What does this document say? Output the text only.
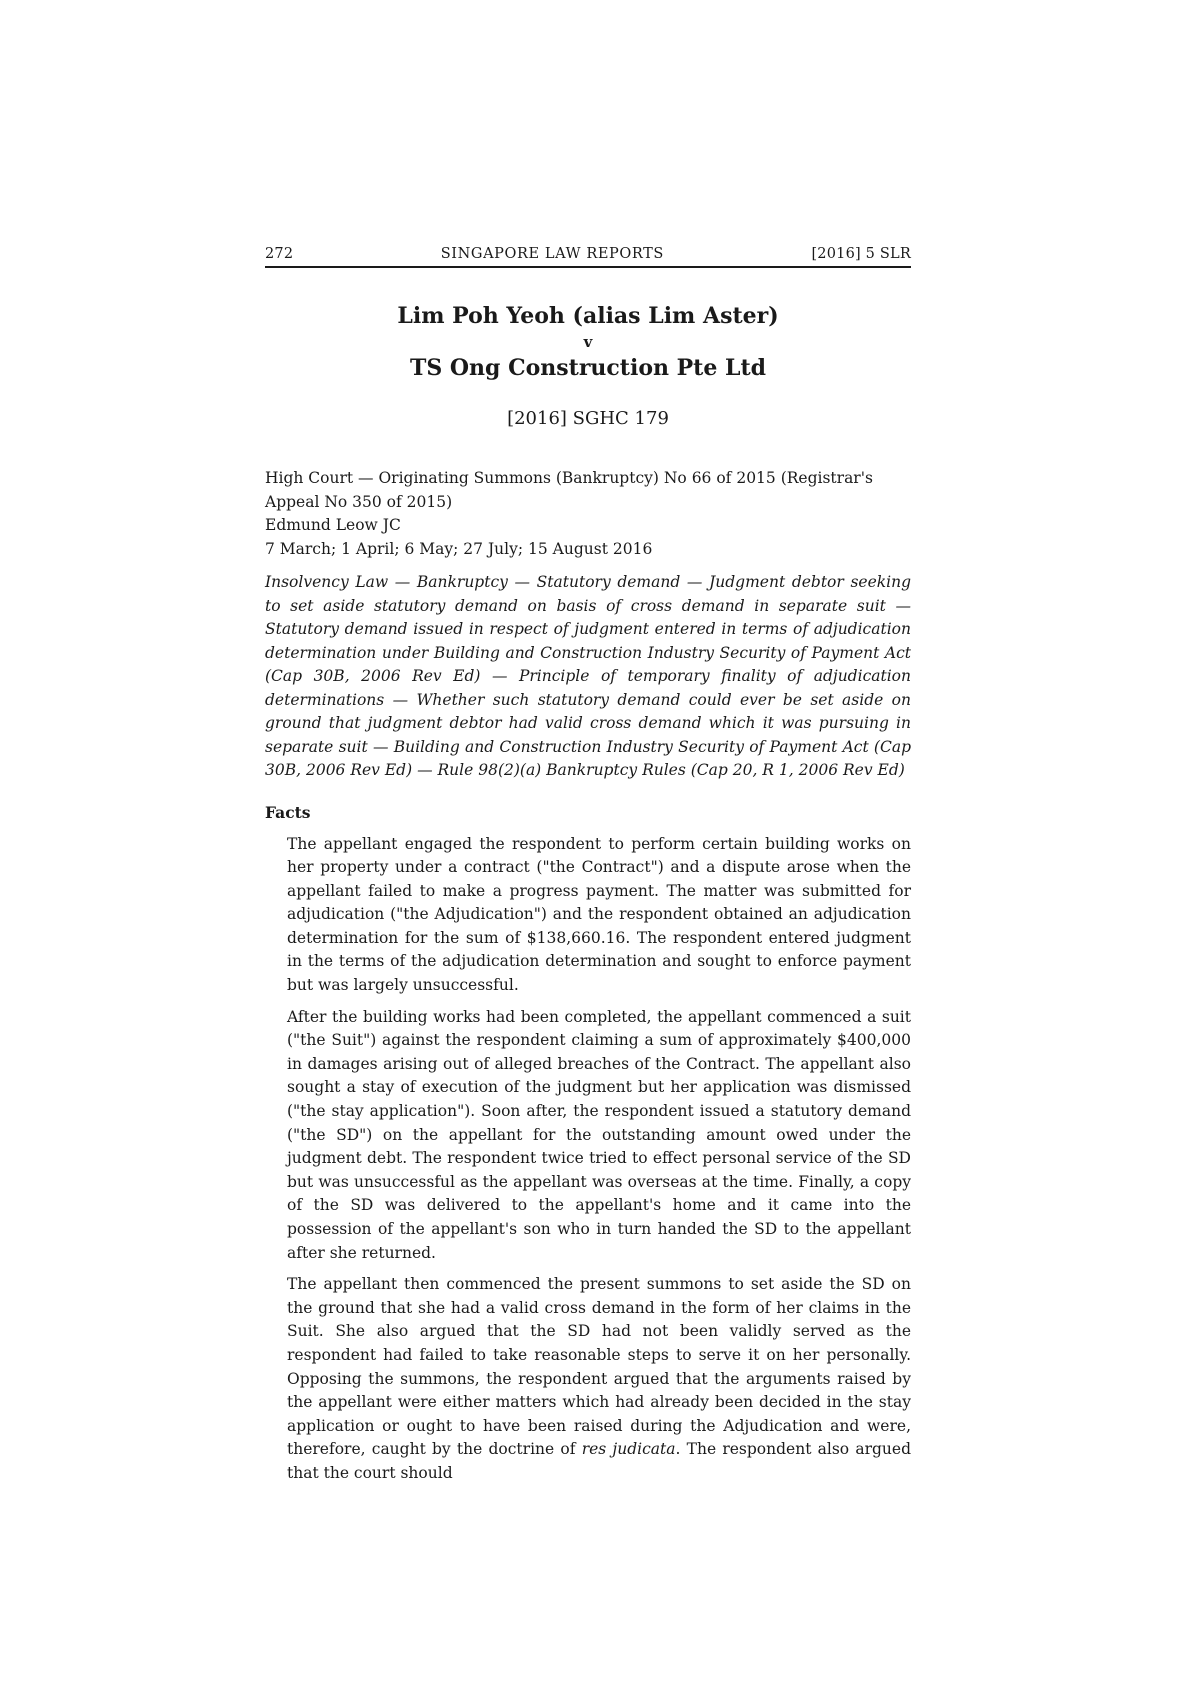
272	SINGAPORE LAW REPORTS	[2016] 5 SLR
Lim Poh Yeoh (alias Lim Aster)
v
TS Ong Construction Pte Ltd
[2016] SGHC 179
High Court — Originating Summons (Bankruptcy) No 66 of 2015 (Registrar's
Appeal No 350 of 2015)
Edmund Leow JC
7 March; 1 April; 6 May; 27 July; 15 August 2016
Insolvency Law — Bankruptcy — Statutory demand — Judgment debtor seeking to set aside statutory demand on basis of cross demand in separate suit — Statutory demand issued in respect of judgment entered in terms of adjudication determination under Building and Construction Industry Security of Payment Act (Cap 30B, 2006 Rev Ed) — Principle of temporary finality of adjudication determinations — Whether such statutory demand could ever be set aside on ground that judgment debtor had valid cross demand which it was pursuing in separate suit — Building and Construction Industry Security of Payment Act (Cap 30B, 2006 Rev Ed) — Rule 98(2)(a) Bankruptcy Rules (Cap 20, R 1, 2006 Rev Ed)
Facts

The appellant engaged the respondent to perform certain building works on her property under a contract ("the Contract") and a dispute arose when the appellant failed to make a progress payment. The matter was submitted for adjudication ("the Adjudication") and the respondent obtained an adjudication determination for the sum of $138,660.16. The respondent entered judgment in the terms of the adjudication determination and sought to enforce payment but was largely unsuccessful.

After the building works had been completed, the appellant commenced a suit ("the Suit") against the respondent claiming a sum of approximately $400,000 in damages arising out of alleged breaches of the Contract. The appellant also sought a stay of execution of the judgment but her application was dismissed ("the stay application"). Soon after, the respondent issued a statutory demand ("the SD") on the appellant for the outstanding amount owed under the judgment debt. The respondent twice tried to effect personal service of the SD but was unsuccessful as the appellant was overseas at the time. Finally, a copy of the SD was delivered to the appellant's home and it came into the possession of the appellant's son who in turn handed the SD to the appellant after she returned.

The appellant then commenced the present summons to set aside the SD on the ground that she had a valid cross demand in the form of her claims in the Suit. She also argued that the SD had not been validly served as the respondent had failed to take reasonable steps to serve it on her personally. Opposing the summons, the respondent argued that the arguments raised by the appellant were either matters which had already been decided in the stay application or ought to have been raised during the Adjudication and were, therefore, caught by the doctrine of res judicata. The respondent also argued that the court should
